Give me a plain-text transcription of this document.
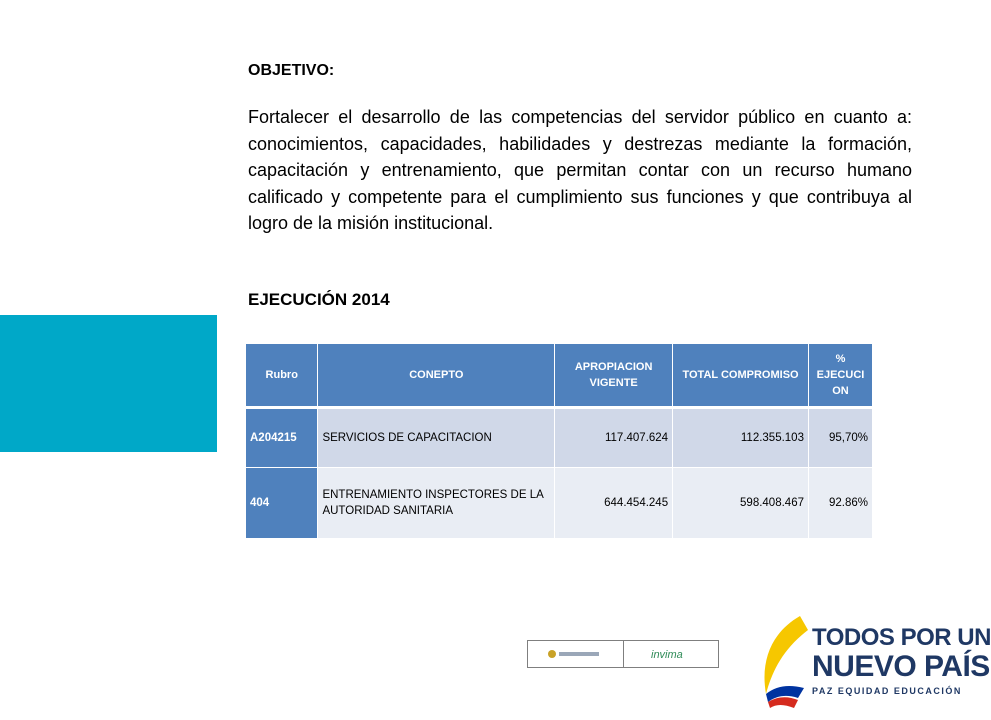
OBJETIVO:
Fortalecer el desarrollo de las competencias del servidor público en cuanto a: conocimientos, capacidades, habilidades y destrezas mediante la formación, capacitación y entrenamiento, que permitan contar con un recurso humano calificado y competente para el cumplimiento sus funciones y que contribuya al logro de la misión institucional.
EJECUCIÓN 2014
Rubro	CONEPTO	APROPIACION VIGENTE	TOTAL COMPROMISO	% EJECUCI ON
A204215	SERVICIOS DE CAPACITACION	117.407.624	112.355.103	95,70%
404	ENTRENAMIENTO INSPECTORES DE LA AUTORIDAD SANITARIA	644.454.245	598.408.467	92.86%
invima
TODOS POR UN
NUEVO PAÍS
PAZ EQUIDAD EDUCACIÓN
